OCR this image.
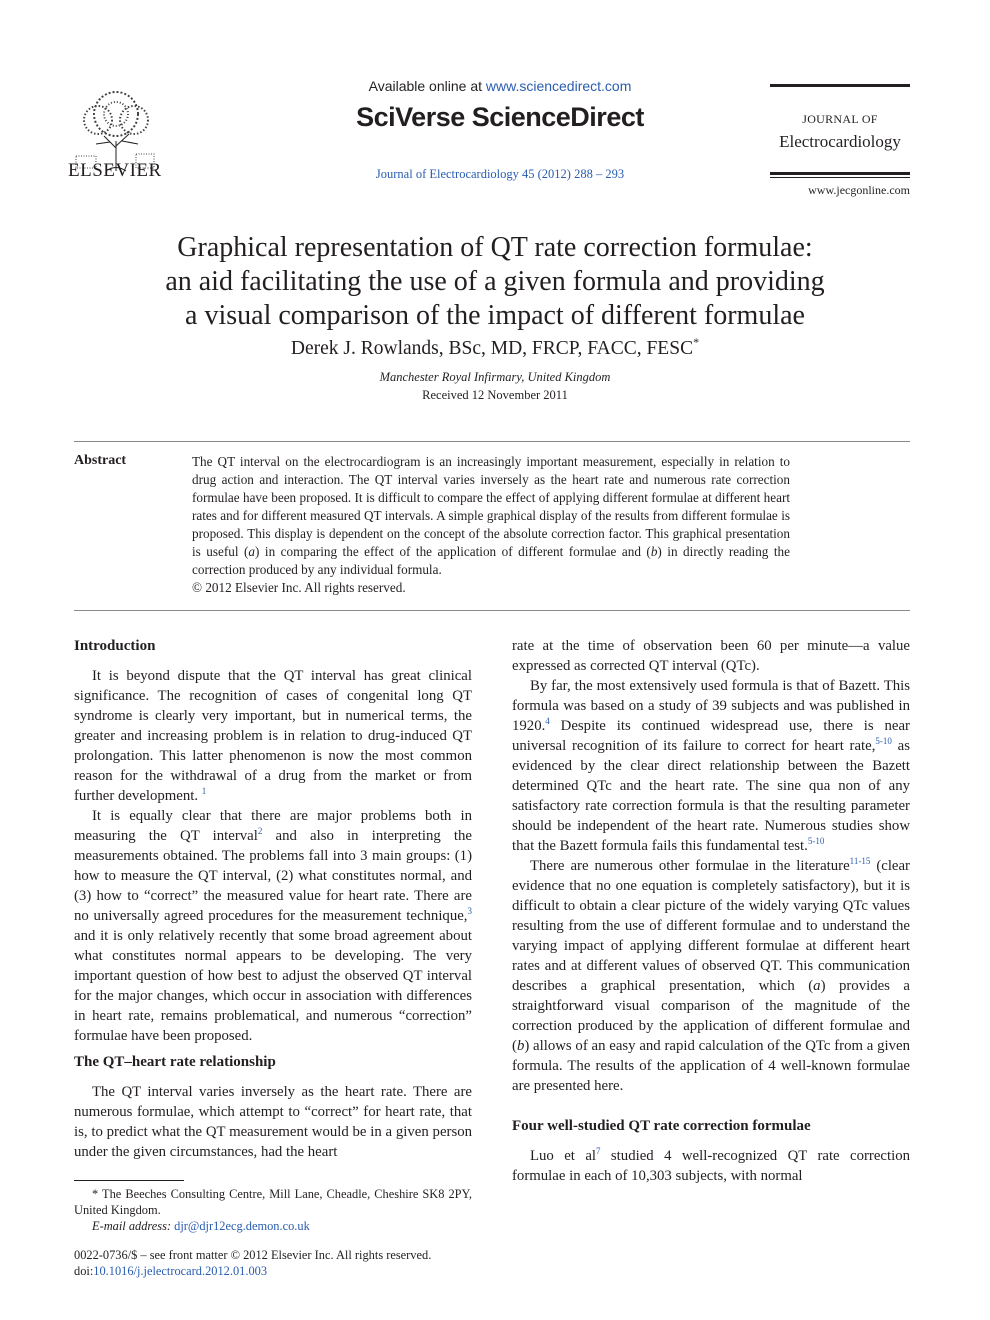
ELSEVIER
Available online at www.sciencedirect.com
SciVerse ScienceDirect
Journal of Electrocardiology 45 (2012) 288 – 293
JOURNAL OF
Electrocardiology
www.jecgonline.com
Graphical representation of QT rate correction formulae:
an aid facilitating the use of a given formula and providing
a visual comparison of the impact of different formulae
Derek J. Rowlands, BSc, MD, FRCP, FACC, FESC*
Manchester Royal Infirmary, United Kingdom
Received 12 November 2011
Abstract	The QT interval on the electrocardiogram is an increasingly important measurement, especially in relation to drug action and interaction. The QT interval varies inversely as the heart rate and numerous rate correction formulae have been proposed. It is difficult to compare the effect of applying different formulae at different heart rates and for different measured QT intervals. A simple graphical display of the results from different formulae is proposed. This display is dependent on the concept of the absolute correction factor. This graphical presentation is useful (a) in comparing the effect of the application of different formulae and (b) in directly reading the correction produced by any individual formula.
© 2012 Elsevier Inc. All rights reserved.
Introduction

It is beyond dispute that the QT interval has great clinical significance. The recognition of cases of congenital long QT syndrome is clearly very important, but in numerical terms, the greater and increasing problem is in relation to drug-induced QT prolongation. This latter phenomenon is now the most common reason for the withdrawal of a drug from the market or from further development. $^1$

It is equally clear that there are major problems both in measuring the QT interval$^2$ and also in interpreting the measurements obtained. The problems fall into 3 main groups: (1) how to measure the QT interval, (2) what constitutes normal, and (3) how to “correct” the measured value for heart rate. There are no universally agreed procedures for the measurement technique,$^3$ and it is only relatively recently that some broad agreement about what constitutes normal appears to be developing. The very important question of how best to adjust the observed QT interval for the major changes, which occur in association with differences in heart rate, remains problematical, and numerous “correction” formulae have been proposed.

The QT–heart rate relationship

The QT interval varies inversely as the heart rate. There are numerous formulae, which attempt to “correct” for heart rate, that is, to predict what the QT measurement would be in a given person under the given circumstances, had the heart

* The Beeches Consulting Centre, Mill Lane, Cheadle, Cheshire SK8 2PY, United Kingdom.
E-mail address: djr@djr12ecg.demon.co.uk
0022-0736/$ – see front matter © 2012 Elsevier Inc. All rights reserved.
doi:10.1016/j.jelectrocard.2012.01.003

rate at the time of observation been 60 per minute—a value expressed as corrected QT interval (QTc).

By far, the most extensively used formula is that of Bazett. This formula was based on a study of 39 subjects and was published in 1920.$^4$ Despite its continued widespread use, there is near universal recognition of its failure to correct for heart rate,$^{5-10}$ as evidenced by the clear direct relationship between the Bazett determined QTc and the heart rate. The sine qua non of any satisfactory rate correction formula is that the resulting parameter should be independent of the heart rate. Numerous studies show that the Bazett formula fails this fundamental test.$^{5-10}$

There are numerous other formulae in the literature$^{11-15}$ (clear evidence that no one equation is completely satisfactory), but it is difficult to obtain a clear picture of the widely varying QTc values resulting from the use of different formulae and to understand the varying impact of applying different formulae at different heart rates and at different values of observed QT. This communication describes a graphical presentation, which (a) provides a straightforward visual comparison of the magnitude of the correction produced by the application of different formulae and (b) allows of an easy and rapid calculation of the QTc from a given formula. The results of the application of 4 well-known formulae are presented here.

Four well-studied QT rate correction formulae

Luo et $al^7$ studied 4 well-recognized QT rate correction formulae in each of 10,303 subjects, with normal
